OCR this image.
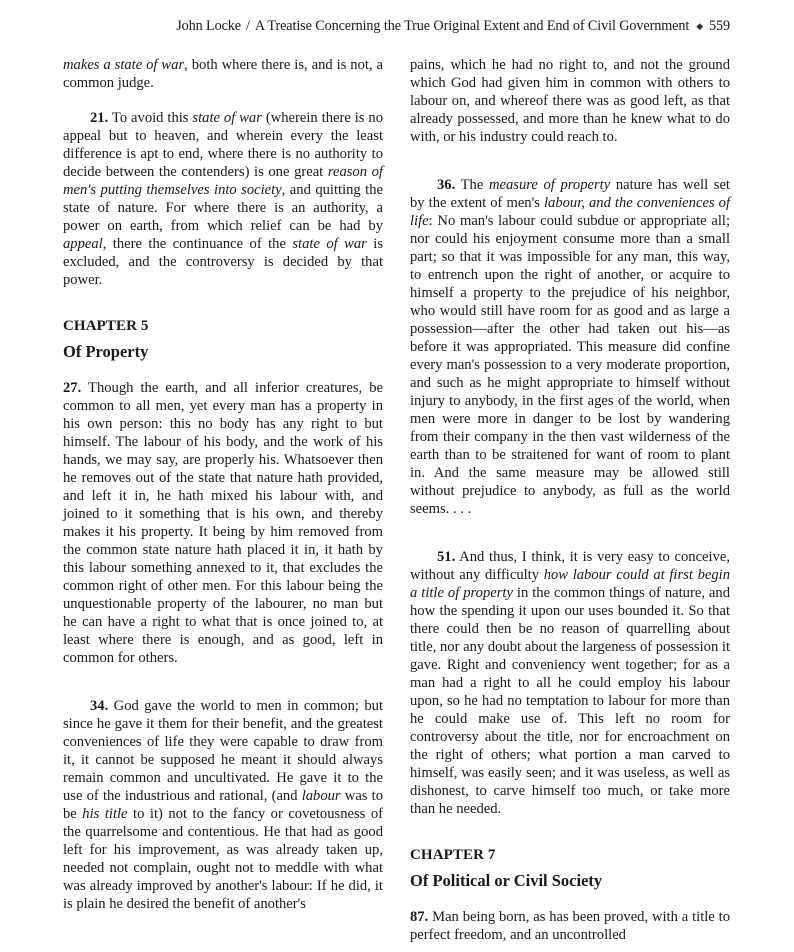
John Locke / A Treatise Concerning the True Original Extent and End of Civil Government ◆ 559

makes a state of war, both where there is, and is not, a common judge.

21. To avoid this state of war (wherein there is no appeal but to heaven, and wherein every the least difference is apt to end, where there is no authority to decide between the contenders) is one great reason of men's putting themselves into society, and quitting the state of nature. For where there is an authority, a power on earth, from which relief can be had by appeal, there the continuance of the state of war is excluded, and the controversy is decided by that power.

CHAPTER 5
Of Property

27. Though the earth, and all inferior creatures, be common to all men, yet every man has a property in his own person: this no body has any right to but himself. The labour of his body, and the work of his hands, we may say, are properly his. Whatsoever then he removes out of the state that nature hath provided, and left it in, he hath mixed his labour with, and joined to it something that is his own, and thereby makes it his property. It being by him removed from the common state nature hath placed it in, it hath by this labour something annexed to it, that excludes the common right of other men. For this labour being the unquestionable property of the labourer, no man but he can have a right to what that is once joined to, at least where there is enough, and as good, left in common for others.

34. God gave the world to men in common; but since he gave it them for their benefit, and the greatest conveniences of life they were capable to draw from it, it cannot be supposed he meant it should always remain common and uncultivated. He gave it to the use of the industrious and rational, (and labour was to be his title to it) not to the fancy or covetousness of the quarrelsome and contentious. He that had as good left for his improvement, as was already taken up, needed not complain, ought not to meddle with what was already improved by another's labour: If he did, it is plain he desired the benefit of another's

pains, which he had no right to, and not the ground which God had given him in common with others to labour on, and whereof there was as good left, as that already possessed, and more than he knew what to do with, or his industry could reach to.

36. The measure of property nature has well set by the extent of men's labour, and the conveniences of life: No man's labour could subdue or appropriate all; nor could his enjoyment consume more than a small part; so that it was impossible for any man, this way, to entrench upon the right of another, or acquire to himself a property to the prejudice of his neighbor, who would still have room for as good and as large a possession—after the other had taken out his—as before it was appropriated. This measure did confine every man's possession to a very moderate proportion, and such as he might appropriate to himself without injury to anybody, in the first ages of the world, when men were more in danger to be lost by wandering from their company in the then vast wilderness of the earth than to be straitened for want of room to plant in. And the same measure may be allowed still without prejudice to anybody, as full as the world seems. . . .

51. And thus, I think, it is very easy to conceive, without any difficulty how labour could at first begin a title of property in the common things of nature, and how the spending it upon our uses bounded it. So that there could then be no reason of quarrelling about title, nor any doubt about the largeness of possession it gave. Right and conveniency went together; for as a man had a right to all he could employ his labour upon, so he had no temptation to labour for more than he could make use of. This left no room for controversy about the title, nor for encroachment on the right of others; what portion a man carved to himself, was easily seen; and it was useless, as well as dishonest, to carve himself too much, or take more than he needed.

CHAPTER 7
Of Political or Civil Society

87. Man being born, as has been proved, with a title to perfect freedom, and an uncontrolled
